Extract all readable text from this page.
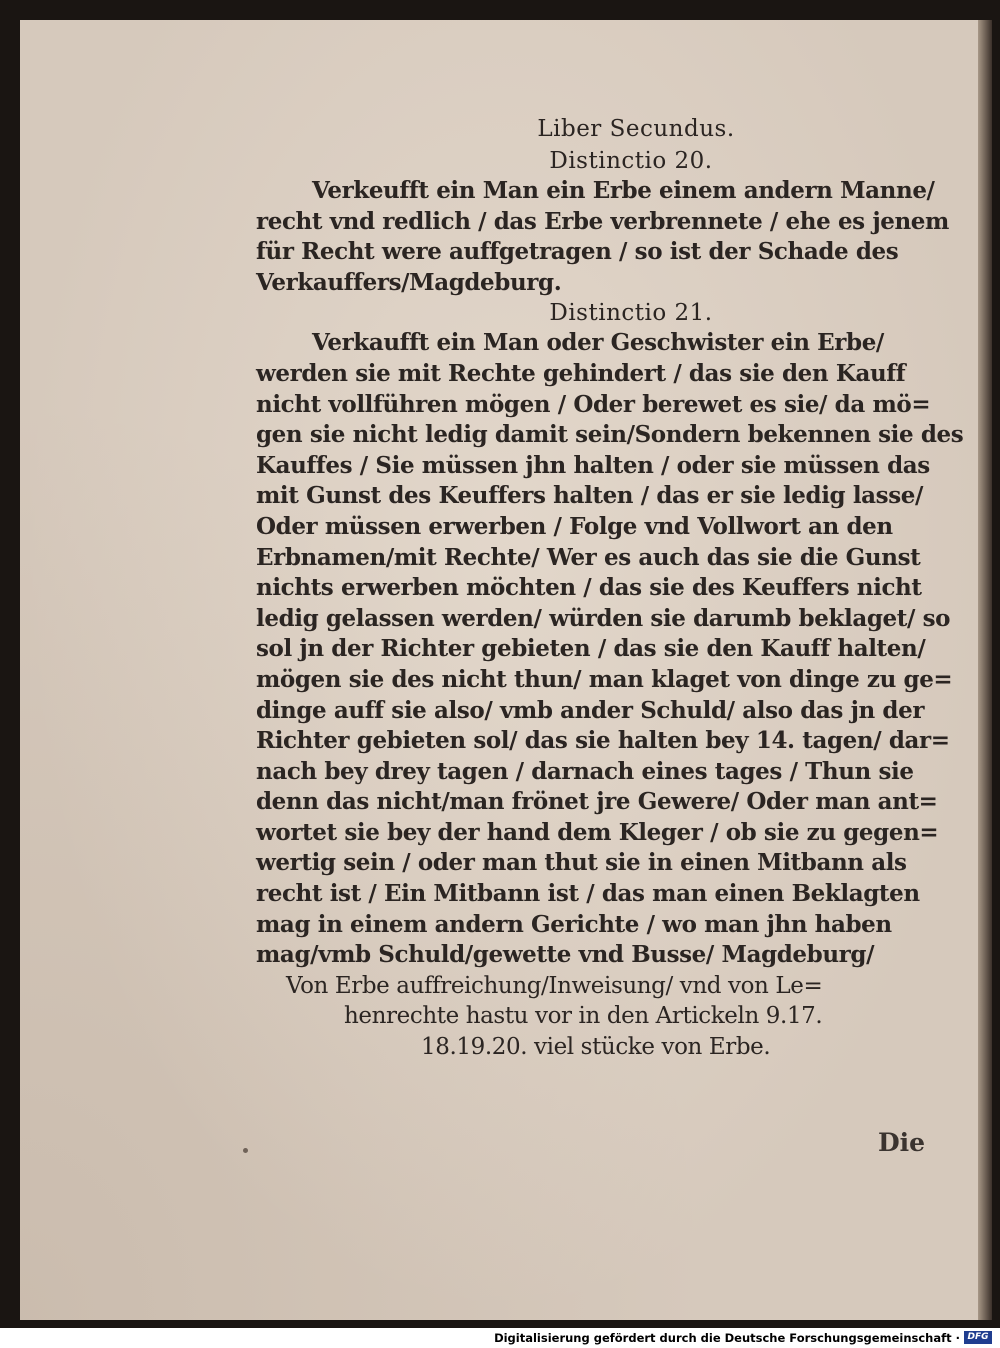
Liber Secundus.
Distinctio 20.
Verkeufft ein Man ein Erbe einem andern Manne/
recht vnd redlich / das Erbe verbrennete / ehe es jenem
für Recht were auffgetragen / so ist der Schade des
Verkauffers/Magdeburg.
Distinctio 21.
Verkaufft ein Man oder Geschwister ein Erbe/
werden sie mit Rechte gehindert / das sie den Kauff
nicht vollführen mögen / Oder berewet es sie/ da mö=
gen sie nicht ledig damit sein/Sondern bekennen sie des
Kauffes / Sie müssen jhn halten / oder sie müssen das
mit Gunst des Keuffers halten / das er sie ledig lasse/
Oder müssen erwerben / Folge vnd Vollwort an den
Erbnamen/mit Rechte/ Wer es auch das sie die Gunst
nichts erwerben möchten / das sie des Keuffers nicht
ledig gelassen werden/ würden sie darumb beklaget/ so
sol jn der Richter gebieten / das sie den Kauff halten/
mögen sie des nicht thun/ man klaget von dinge zu ge=
dinge auff sie also/ vmb ander Schuld/ also das jn der
Richter gebieten sol/ das sie halten bey 14. tagen/ dar=
nach bey drey tagen / darnach eines tages / Thun sie
denn das nicht/man frönet jre Gewere/ Oder man ant=
wortet sie bey der hand dem Kleger / ob sie zu gegen=
wertig sein / oder man thut sie in einen Mitbann als
recht ist / Ein Mitbann ist / das man einen Beklagten
mag in einem andern Gerichte / wo man jhn haben
mag/vmb Schuld/gewette vnd Busse/ Magdeburg/
Von Erbe auffreichung/Inweisung/ vnd von Le=
henrechte hastu vor in den Artickeln 9.17.
18.19.20. viel stücke von Erbe.
Die
Digitalisierung gefördert durch die Deutsche Forschungsgemeinschaft · DFG
